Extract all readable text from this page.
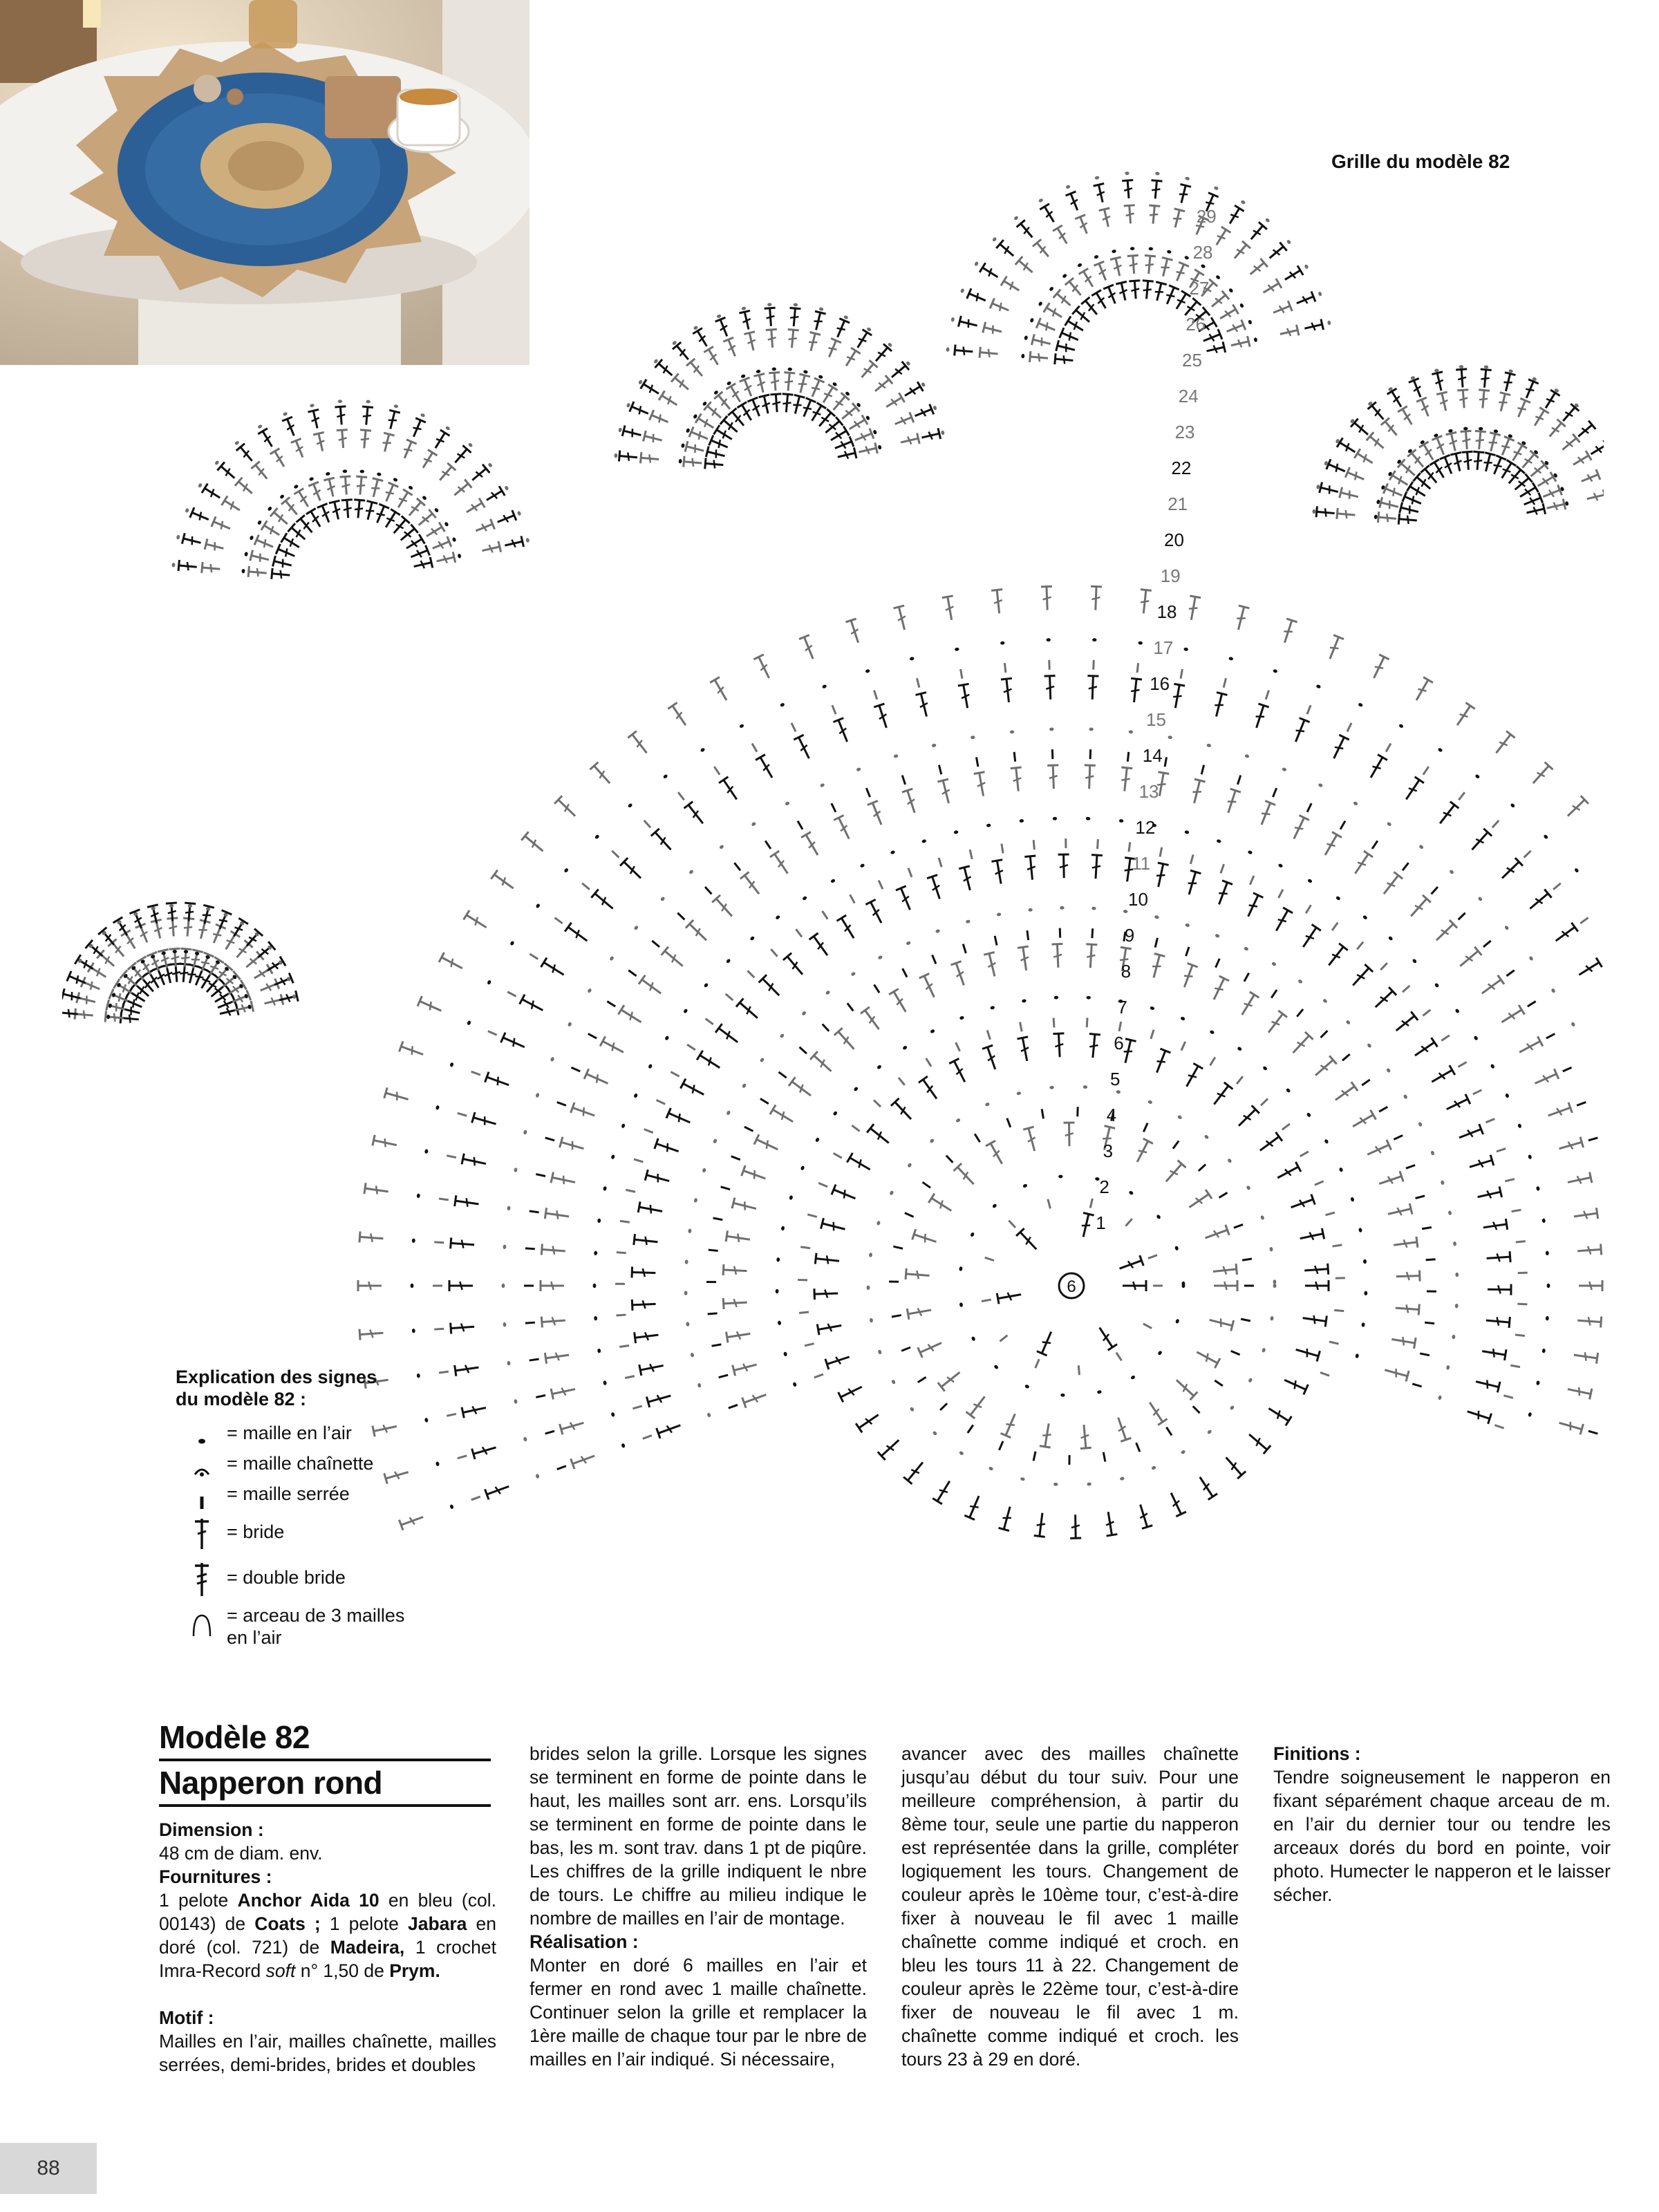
Grille du modèle 82
6
29
28
27
26
25
24
23
22
21
20
19
18
17
16
15
14
13
12
11
10
9
8
7
6
5
4
3
2
1
Explication des signes
du modèle 82 :
= maille en l’air
= maille chaînette
= maille serrée
= bride
= double bride
= arceau de 3 mailles
en l’air
Modèle 82
Napperon rond

Dimension :

48 cm de diam. env.

Fournitures :

1 pelote Anchor Aida 10 en bleu (col. 00143) de Coats ; 1 pelote Jabara en doré (col. 721) de Madeira, 1 crochet Imra-Record soft n° 1,50 de Prym.

Motif :

Mailles en l’air, mailles chaînette, mailles serrées, demi-brides, brides et doubles

brides selon la grille. Lorsque les signes se terminent en forme de pointe dans le haut, les mailles sont arr. ens. Lorsqu’ils se terminent en forme de pointe dans le bas, les m. sont trav. dans 1 pt de piqûre. Les chiffres de la grille indiquent le nbre de tours. Le chiffre au milieu indique le nombre de mailles en l’air de montage.

Réalisation :

Monter en doré 6 mailles en l’air et fermer en rond avec 1 maille chaînette. Continuer selon la grille et remplacer la 1ère maille de chaque tour par le nbre de mailles en l’air indiqué. Si nécessaire,

avancer avec des mailles chaînette jusqu’au début du tour suiv. Pour une meilleure compréhension, à partir du 8ème tour, seule une partie du napperon est représentée dans la grille, compléter logiquement les tours. Changement de couleur après le 10ème tour, c’est-à-dire fixer à nouveau le fil avec 1 maille chaînette comme indiqué et croch. en bleu les tours 11 à 22. Changement de couleur après le 22ème tour, c’est-à-dire fixer de nouveau le fil avec 1 m. chaînette comme indiqué et croch. les tours 23 à 29 en doré.

Finitions :

Tendre soigneusement le napperon en fixant séparément chaque arceau de m. en l’air du dernier tour ou tendre les arceaux dorés du bord en pointe, voir photo. Humecter le napperon et le laisser sécher.

88
